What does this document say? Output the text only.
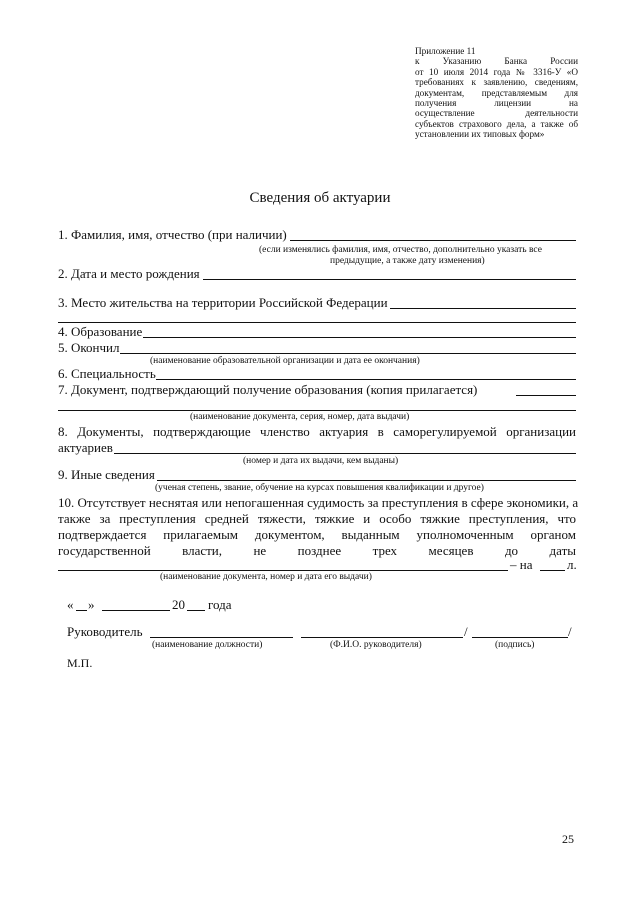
Приложение 11
к Указанию Банка России
от 10 июля 2014 года № 3316-У «О
требованиях к заявлению, сведениям,
документам, представляемым для
получения лицензии на
осуществление деятельности
субъектов страхового дела, а также об
установлении их типовых форм»
Сведения об актуарии
1. Фамилия, имя, отчество (при наличии)
(если изменялись фамилия, имя, отчество, дополнительно указать все
предыдущие, а также дату изменения)
2. Дата и место рождения
3. Место жительства на территории Российской Федерации
4. Образование
5. Окончил
(наименование образовательной организации и дата ее окончания)
6. Специальность
7. Документ, подтверждающий получение образования (копия прилагается)
(наименование документа, серия, номер, дата выдачи)
8. Документы, подтверждающие членство актуария в саморегулируемой организации
актуариев
(номер и дата их выдачи, кем выданы)
9. Иные сведения
(ученая степень, звание, обучение на курсах повышения квалификации и другое)
10. Отсутствует неснятая или непогашенная судимость за преступления в сфере экономики, а
также за преступления средней тяжести, тяжкие и особо тяжкие преступления, что
подтверждается прилагаемым документом, выданным уполномоченным органом
государственной власти, не позднее трех месяцев до даты
– на	л.
(наименование документа, номер и дата его выдачи)
« »	20 года
Руководитель	/	/
(наименование должности)	(Ф.И.О. руководителя)	(подпись)
М.П.
25
